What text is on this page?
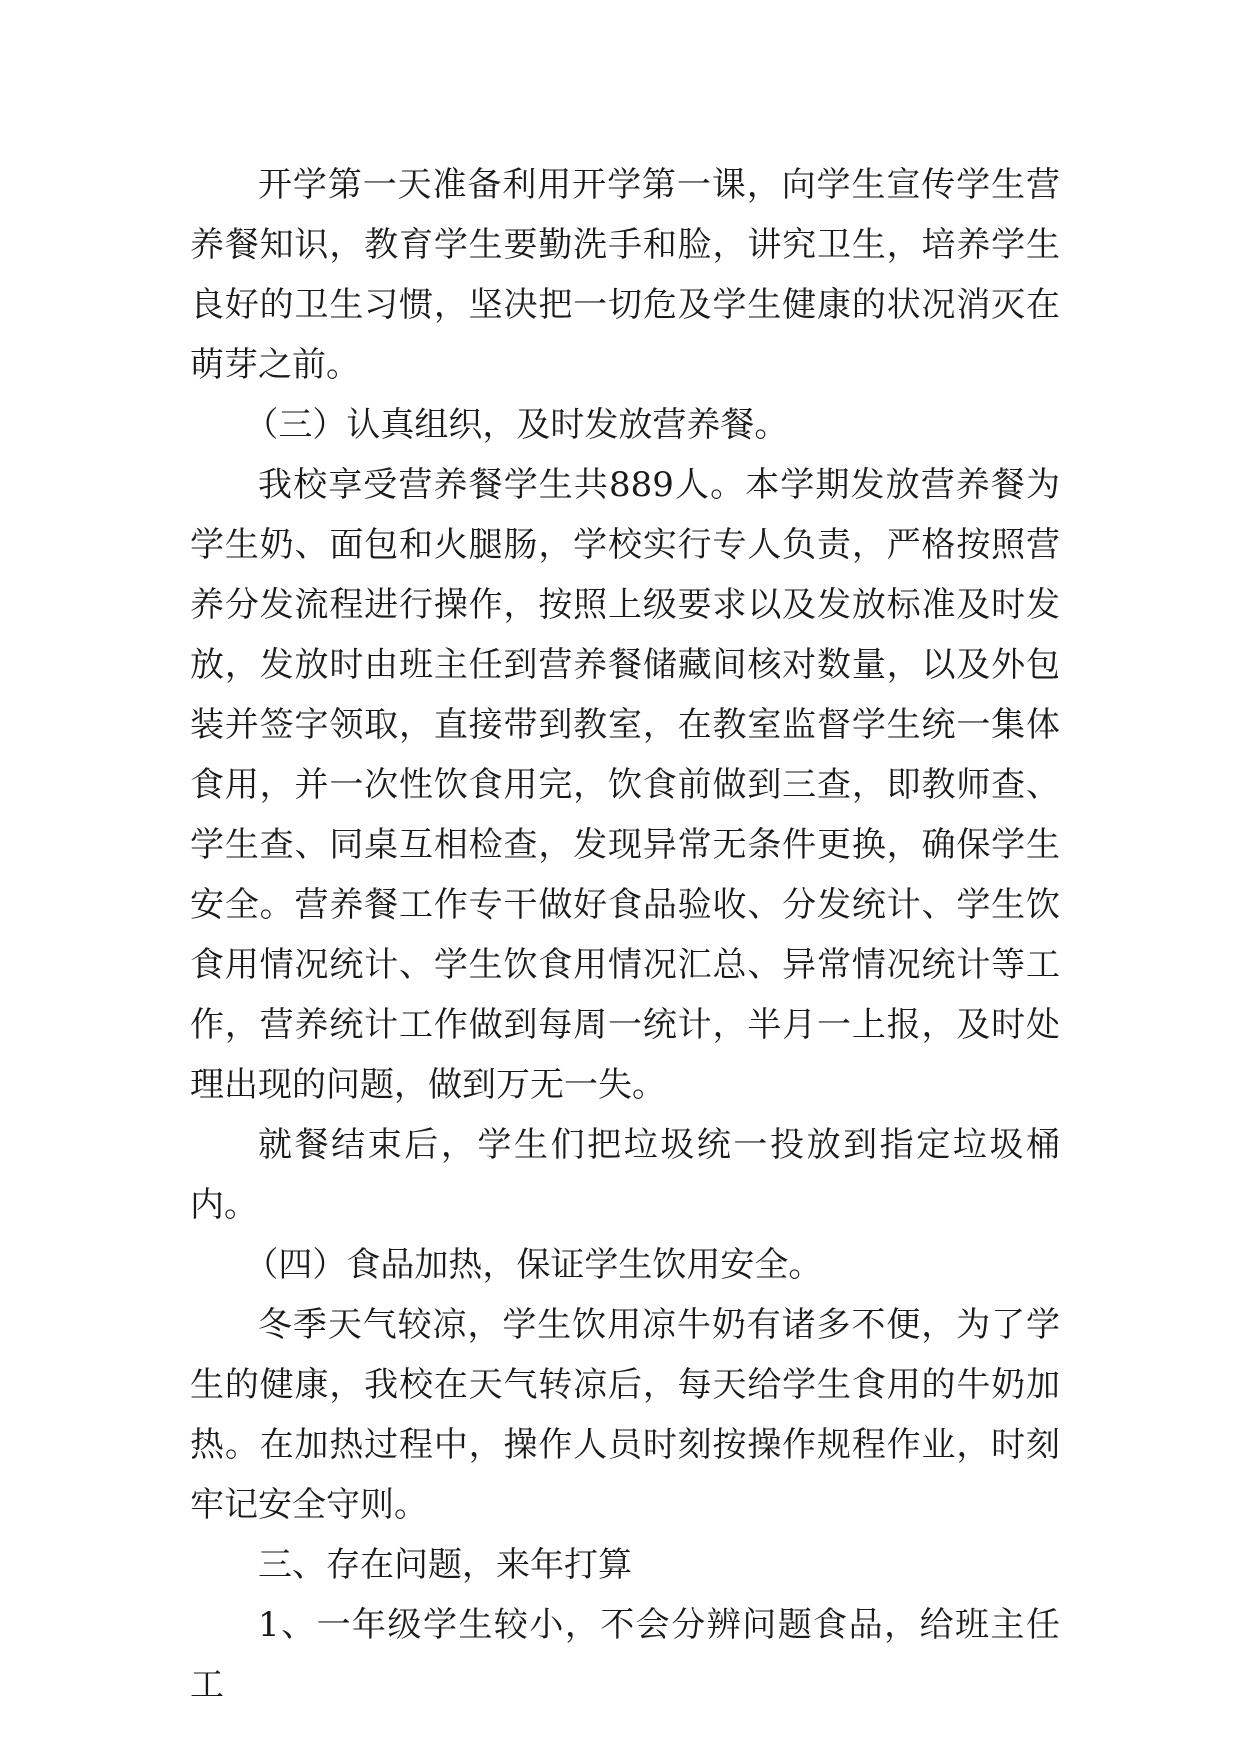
开学第一天准备利用开学第一课，向学生宣传学生营养餐知识，教育学生要勤洗手和脸，讲究卫生，培养学生良好的卫生习惯，坚决把一切危及学生健康的状况消灭在萌芽之前。

（三）认真组织，及时发放营养餐。

我校享受营养餐学生共889人。本学期发放营养餐为学生奶、面包和火腿肠，学校实行专人负责，严格按照营养分发流程进行操作，按照上级要求以及发放标准及时发放，发放时由班主任到营养餐储藏间核对数量，以及外包装并签字领取，直接带到教室，在教室监督学生统一集体食用，并一次性饮食用完，饮食前做到三查，即教师查、学生查、同桌互相检查，发现异常无条件更换，确保学生安全。营养餐工作专干做好食品验收、分发统计、学生饮食用情况统计、学生饮食用情况汇总、异常情况统计等工作，营养统计工作做到每周一统计，半月一上报，及时处理出现的问题，做到万无一失。

就餐结束后，学生们把垃圾统一投放到指定垃圾桶内。

（四）食品加热，保证学生饮用安全。

冬季天气较凉，学生饮用凉牛奶有诸多不便，为了学生的健康，我校在天气转凉后，每天给学生食用的牛奶加热。在加热过程中，操作人员时刻按操作规程作业，时刻牢记安全守则。

三、存在问题，来年打算

1、一年级学生较小，不会分辨问题食品，给班主任工
